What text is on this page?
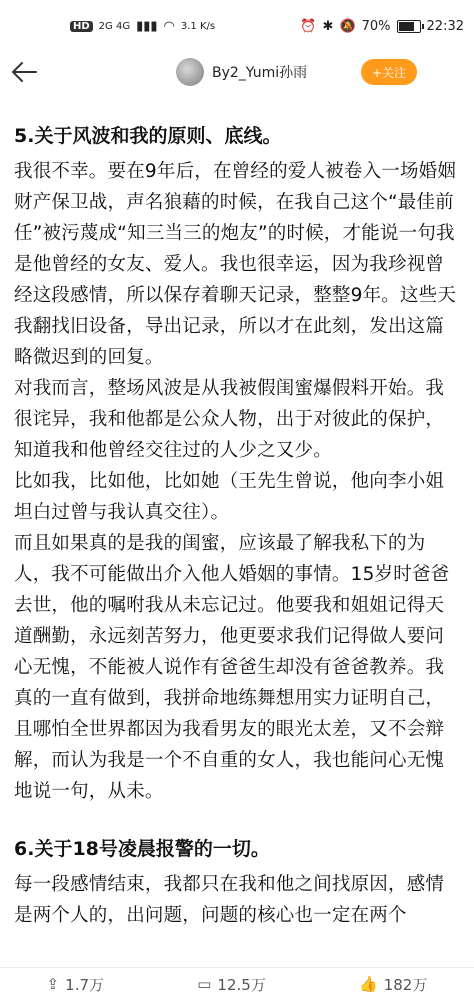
HD 2G 4G ▮▮▮ ◠ 3.1 K/s	⏰ ✱ 🔕 70%	22:32
By2_Yumi孙雨	+关注

5.关于风波和我的原则、底线。

我很不幸。要在9年后，在曾经的爱人被卷入一场婚姻财产保卫战，声名狼藉的时候，在我自己这个“最佳前任”被污蔑成“知三当三的炮友”的时候，才能说一句我是他曾经的女友、爱人。我也很幸运，因为我珍视曾经这段感情，所以保存着聊天记录，整整9年。这些天我翻找旧设备，导出记录，所以才在此刻，发出这篇略微迟到的回复。

对我而言，整场风波是从我被假闺蜜爆假料开始。我很诧异，我和他都是公众人物，出于对彼此的保护，知道我和他曾经交往过的人少之又少。

比如我，比如他，比如她（王先生曾说，他向李小姐坦白过曾与我认真交往）。

而且如果真的是我的闺蜜，应该最了解我私下的为人，我不可能做出介入他人婚姻的事情。15岁时爸爸去世，他的嘱咐我从未忘记过。他要我和姐姐记得天道酬勤，永远刻苦努力，他更要求我们记得做人要问心无愧，不能被人说作有爸爸生却没有爸爸教养。我真的一直有做到，我拼命地练舞想用实力证明自己，且哪怕全世界都因为我看男友的眼光太差，又不会辩解，而认为我是一个不自重的女人，我也能问心无愧地说一句，从未。

6.关于18号凌晨报警的一切。

每一段感情结束，我都只在我和他之间找原因，感情是两个人的，出问题，问题的核心也一定在两个

⇪ 1.7万	▭ 12.5万	👍 182万
